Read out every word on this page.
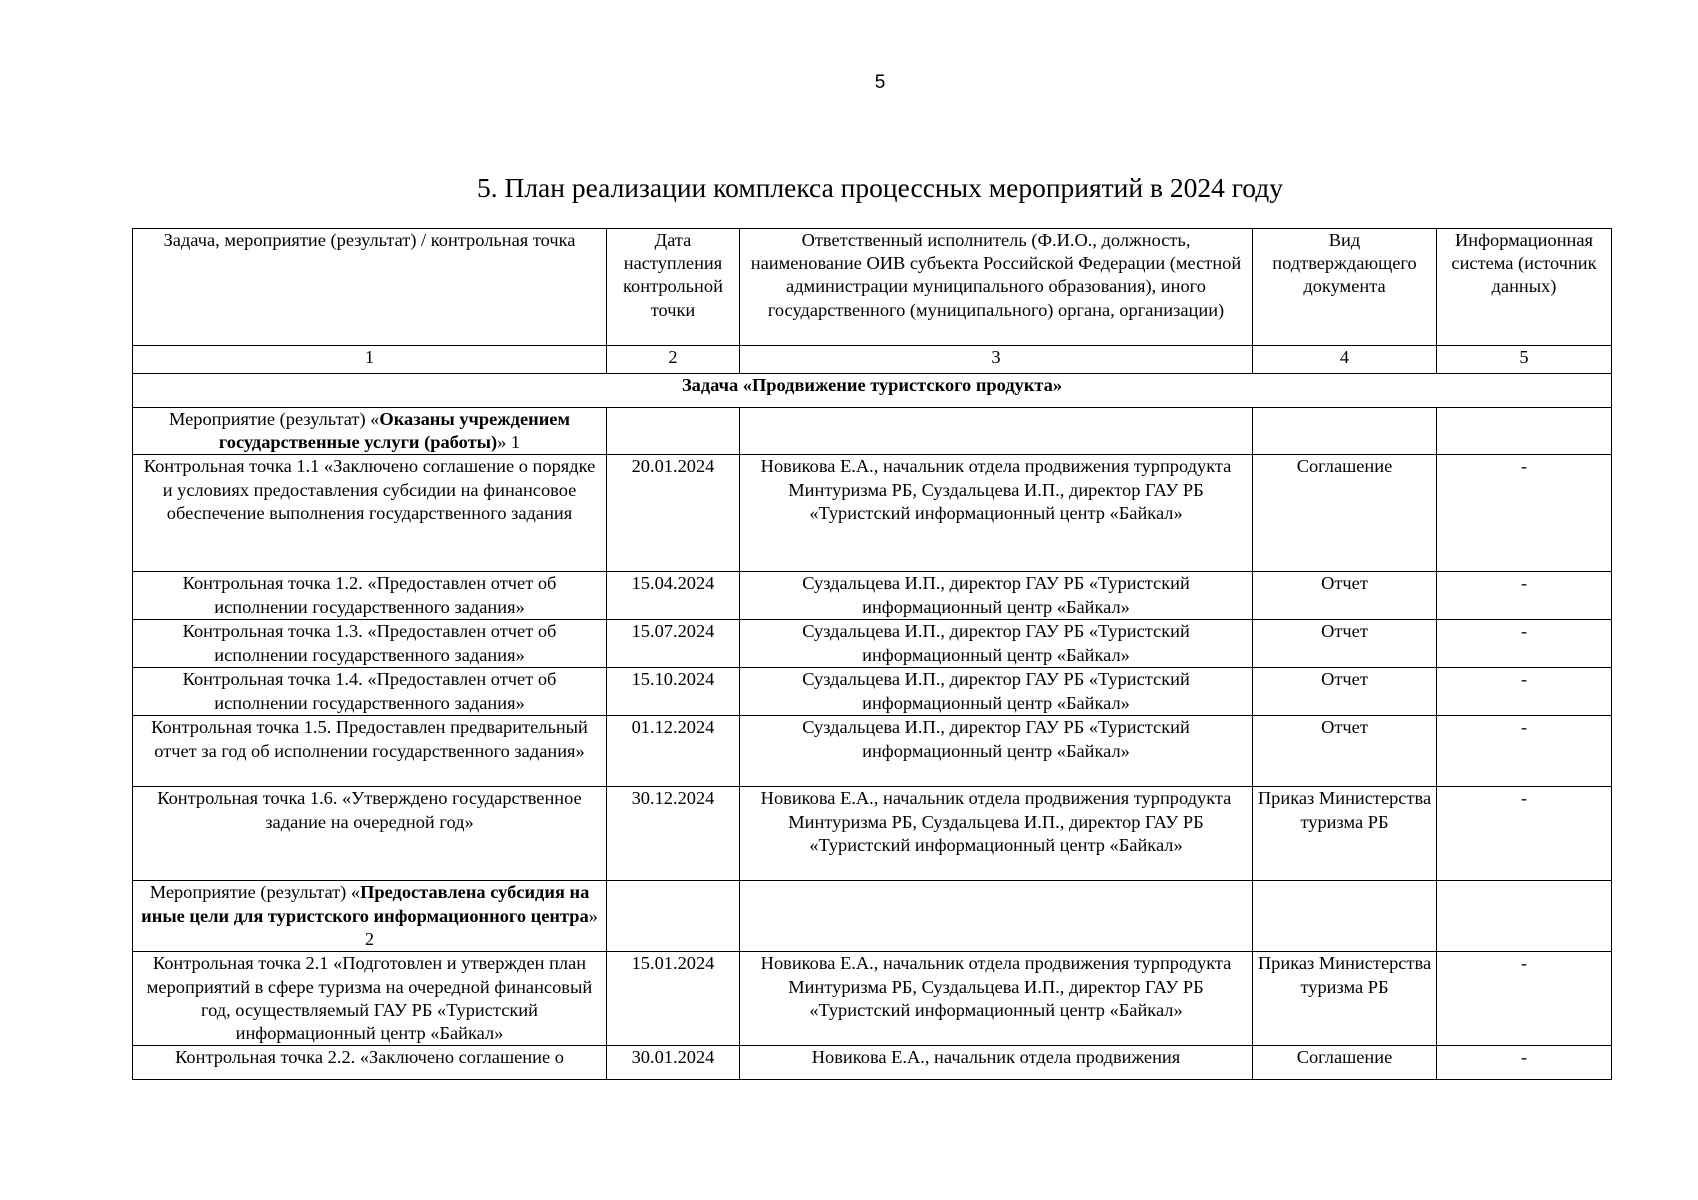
5
5. План реализации комплекса процессных мероприятий в 2024 году
Задача, мероприятие (результат) / контрольная точка	Дата наступления контрольной точки	Ответственный исполнитель (Ф.И.О., должность, наименование ОИВ субъекта Российской Федерации (местной администрации муниципального образования), иного государственного (муниципального) органа, организации)	Вид подтверждающего документа	Информационная система (источник данных)
1	2	3	4	5
Задача «Продвижение туристского продукта»				
Мероприятие (результат) «Оказаны учреждением государственные услуги (работы)» 1				
Контрольная точка 1.1 «Заключено соглашение о порядке и условиях предоставления субсидии на финансовое обеспечение выполнения государственного задания	20.01.2024	Новикова Е.А., начальник отдела продвижения турпродукта Минтуризма РБ, Суздальцева И.П., директор ГАУ РБ «Туристский информационный центр «Байкал»	Соглашение	-
Контрольная точка 1.2. «Предоставлен отчет об исполнении государственного задания»	15.04.2024	Суздальцева И.П., директор ГАУ РБ «Туристский информационный центр «Байкал»	Отчет	-
Контрольная точка 1.3. «Предоставлен отчет об исполнении государственного задания»	15.07.2024	Суздальцева И.П., директор ГАУ РБ «Туристский информационный центр «Байкал»	Отчет	-
Контрольная точка 1.4. «Предоставлен отчет об исполнении государственного задания»	15.10.2024	Суздальцева И.П., директор ГАУ РБ «Туристский информационный центр «Байкал»	Отчет	-
Контрольная точка 1.5. Предоставлен предварительный отчет за год об исполнении государственного задания»	01.12.2024	Суздальцева И.П., директор ГАУ РБ «Туристский информационный центр «Байкал»	Отчет	-
Контрольная точка 1.6. «Утверждено государственное задание на очередной год»	30.12.2024	Новикова Е.А., начальник отдела продвижения турпродукта Минтуризма РБ, Суздальцева И.П., директор ГАУ РБ «Туристский информационный центр «Байкал»	Приказ Министерства туризма РБ	-
Мероприятие (результат) «Предоставлена субсидия на иные цели для туристского информационного центра» 2				
Контрольная точка 2.1 «Подготовлен и утвержден план мероприятий в сфере туризма на очередной финансовый год, осуществляемый ГАУ РБ «Туристский информационный центр «Байкал»	15.01.2024	Новикова Е.А., начальник отдела продвижения турпродукта Минтуризма РБ, Суздальцева И.П., директор ГАУ РБ «Туристский информационный центр «Байкал»	Приказ Министерства туризма РБ	-
Контрольная точка 2.2. «Заключено соглашение о	30.01.2024	Новикова Е.А., начальник отдела продвижения	Соглашение	-
